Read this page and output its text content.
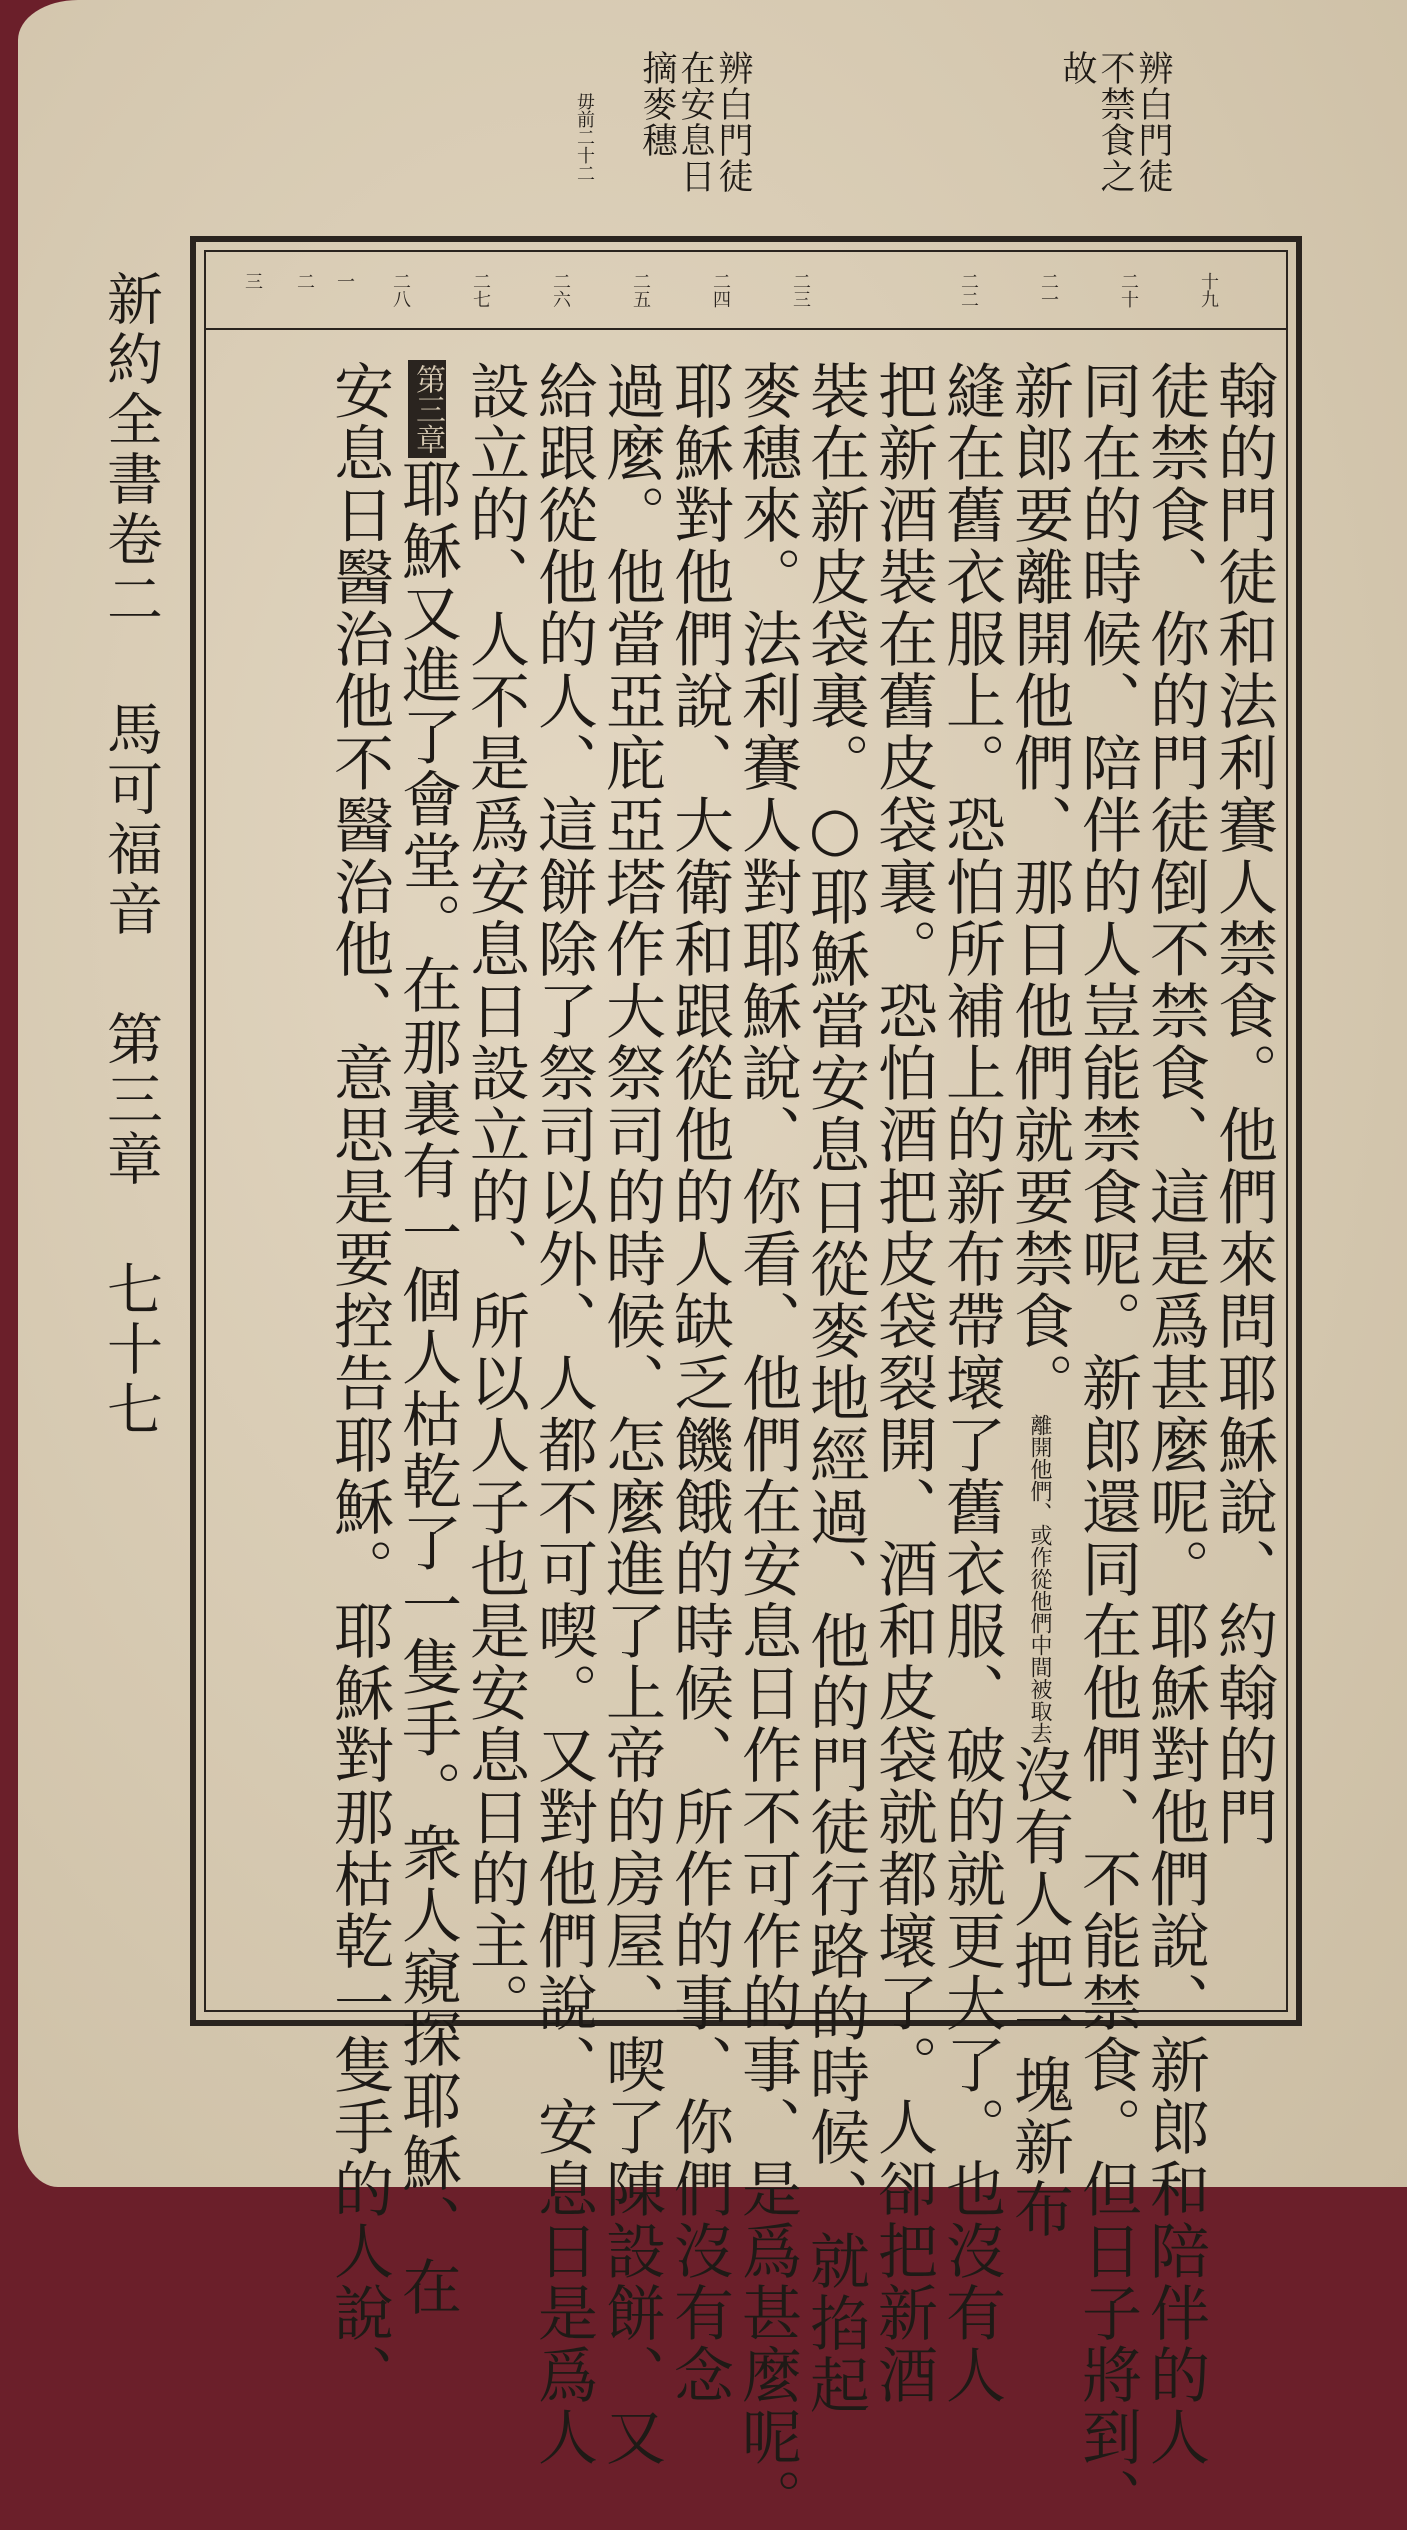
辨白門徒
不禁食之
故
辨白門徒
在安息日
摘麥穗
毋前二十二
十九
二十
二一
二二
二三
二四
二五
二六
二七
二八
一
二
三
翰的門徒和法利賽人禁食。他們來問耶穌說、約翰的門
徒禁食、你的門徒倒不禁食、這是爲甚麼呢。耶穌對他們說、新郎和陪伴的人
同在的時候、陪伴的人豈能禁食呢。新郎還同在他們、不能禁食。但日子將到、
新郎要離開他們、那日他們就要禁食。離開他們、或作從他們中間被取去沒有人把一塊新布
縫在舊衣服上。恐怕所補上的新布帶壞了舊衣服、破的就更大了。也沒有人
把新酒裝在舊皮袋裏。恐怕酒把皮袋裂開、酒和皮袋就都壞了。人卻把新酒
裝在新皮袋裏。○耶穌當安息日從麥地經過、他的門徒行路的時候、就掐起
麥穗來。法利賽人對耶穌說、你看、他們在安息日作不可作的事、是爲甚麼呢。
耶穌對他們說、大衛和跟從他的人缺乏饑餓的時候、所作的事、你們沒有念
過麼。他當亞庇亞塔作大祭司的時候、怎麼進了上帝的房屋、喫了陳設餅、又
給跟從他的人、這餅除了祭司以外、人都不可喫。又對他們說、安息日是爲人
設立的、人不是爲安息日設立的、所以人子也是安息日的主。
第三章耶穌又進了會堂。在那裏有一個人枯乾了一隻手。衆人窺探耶穌、在
安息日醫治他不醫治他、意思是要控告耶穌。耶穌對那枯乾一隻手的人說、
新約全書卷二馬可福音第三章七十七
